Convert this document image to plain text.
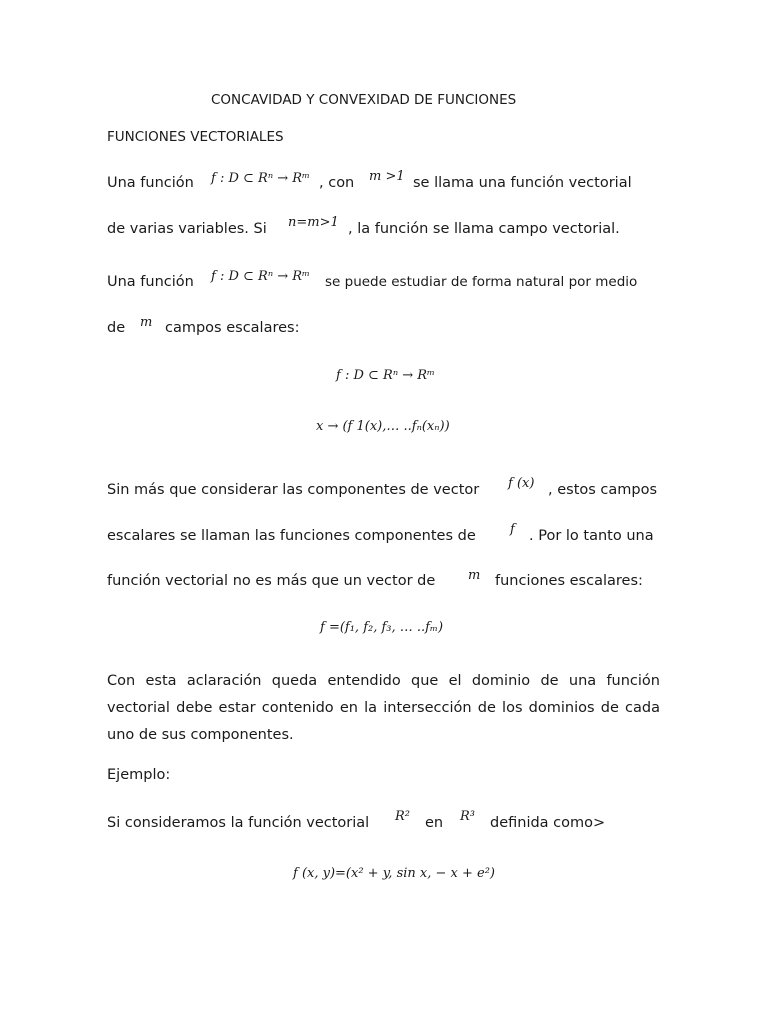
CONCAVIDAD Y CONVEXIDAD DE FUNCIONES
FUNCIONES VECTORIALES
Una función f : D ⊂ Rⁿ → Rᵐ , con m >1 se llama una función vectorial
de varias variables. Si n=m>1 , la función se llama campo vectorial.
Una función f : D ⊂ Rⁿ → Rᵐ se puede estudiar de forma natural por medio
de m campos escalares:
f : D ⊂ Rⁿ → Rᵐ
x → (f 1(x),… ..fₙ(xₙ))
Sin más que considerar las componentes de vector f (x) , estos campos
escalares se llaman las funciones componentes de	f . Por lo tanto una
función vectorial no es más que un vector de	m funciones escalares:
f =(f₁, f₂, f₃, … ..fₘ)
Con esta aclaración queda entendido que el dominio de una función vectorial debe estar contenido en la intersección de los dominios de cada uno de sus componentes.
Ejemplo:
Si consideramos la función vectorial R² en R³ definida como>
f (x, y)=(x² + y, sin x, − x + e²)
